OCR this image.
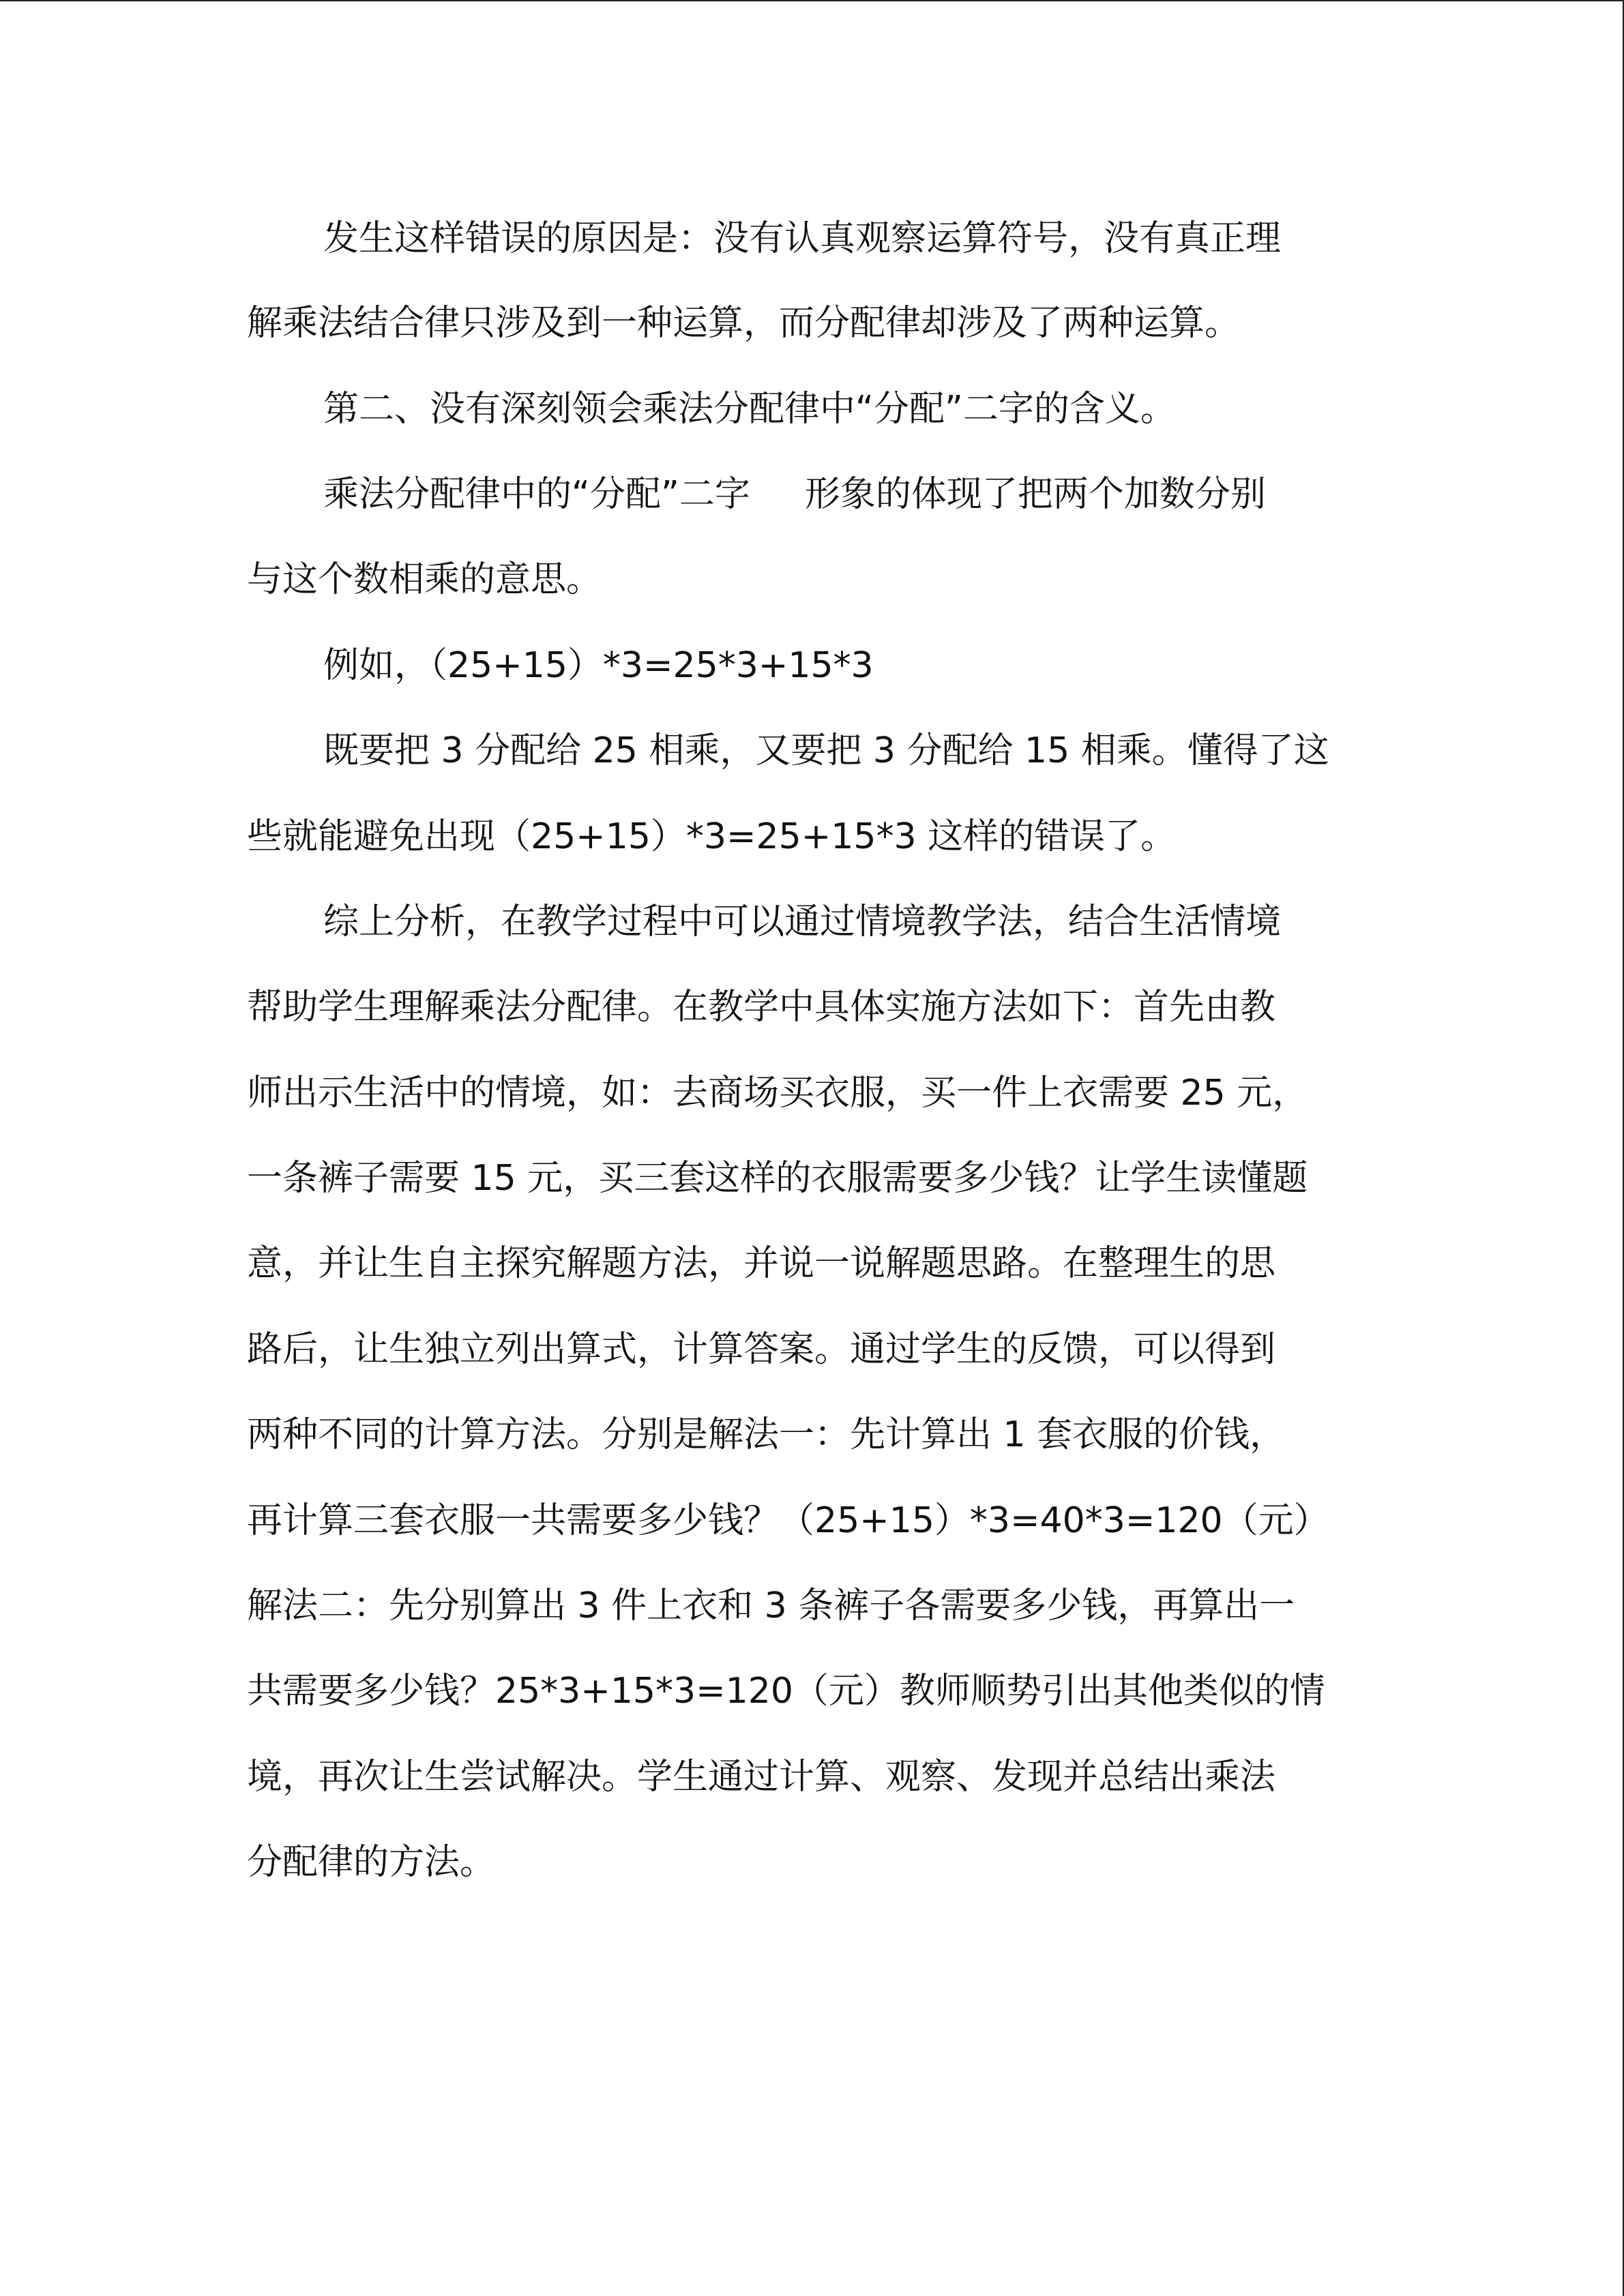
发生这样错误的原因是：没有认真观察运算符号，没有真正理
解乘法结合律只涉及到一种运算，而分配律却涉及了两种运算。
第二、没有深刻领会乘法分配律中“分配”二字的含义。
乘法分配律中的“分配”二字 形象的体现了把两个加数分别
与这个数相乘的意思。
例如，（25+15）*3=25*3+15*3
既要把 3 分配给 25 相乘，又要把 3 分配给 15 相乘。懂得了这
些就能避免出现（25+15）*3=25+15*3 这样的错误了。
综上分析，在教学过程中可以通过情境教学法，结合生活情境
帮助学生理解乘法分配律。在教学中具体实施方法如下：首先由教
师出示生活中的情境，如：去商场买衣服，买一件上衣需要 25 元，
一条裤子需要 15 元，买三套这样的衣服需要多少钱？让学生读懂题
意，并让生自主探究解题方法，并说一说解题思路。在整理生的思
路后，让生独立列出算式，计算答案。通过学生的反馈，可以得到
两种不同的计算方法。分别是解法一：先计算出 1 套衣服的价钱，
再计算三套衣服一共需要多少钱？（25+15）*3=40*3=120（元）
解法二：先分别算出 3 件上衣和 3 条裤子各需要多少钱，再算出一
共需要多少钱？25*3+15*3=120（元）教师顺势引出其他类似的情
境，再次让生尝试解决。学生通过计算、观察、发现并总结出乘法
分配律的方法。
